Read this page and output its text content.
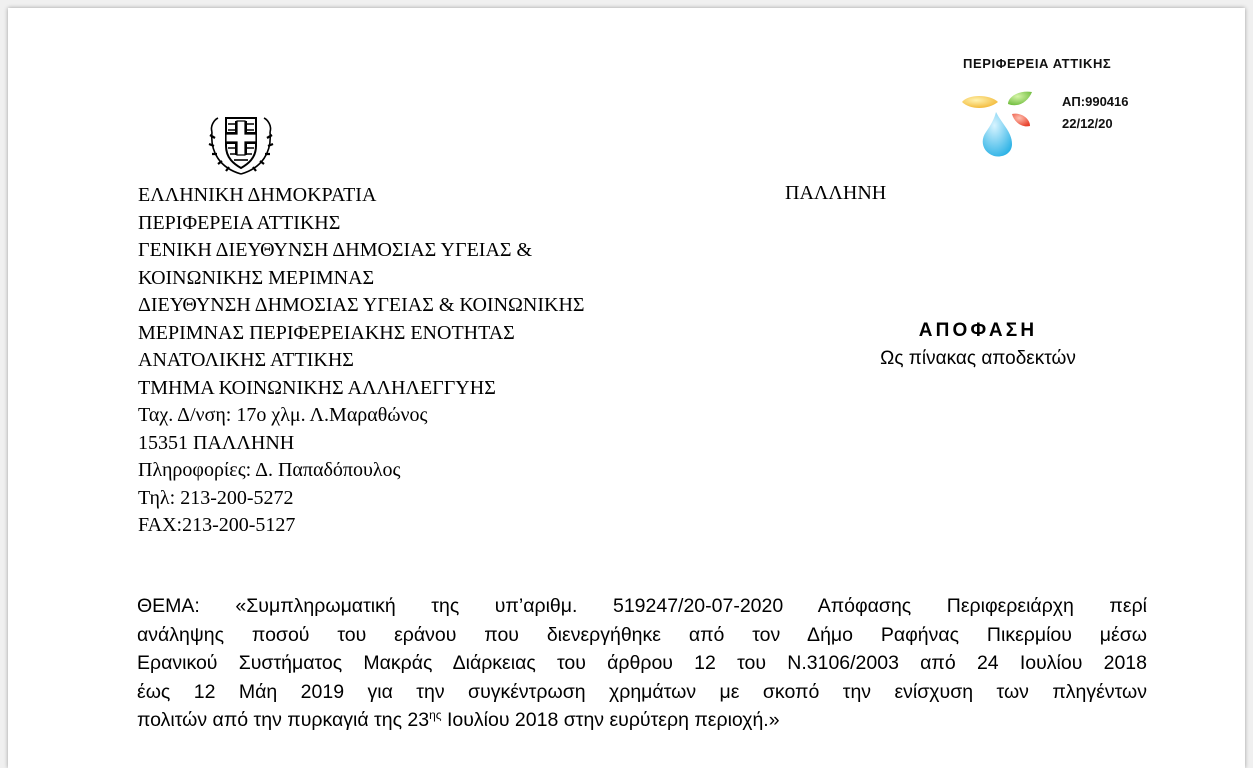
ΠΕΡΙΦΕΡΕΙΑ ΑΤΤΙΚΗΣ
ΑΠ:990416
22/12/20
ΕΛΛΗΝΙΚΗ ΔΗΜΟΚΡΑΤΙΑ
ΠΕΡΙΦΕΡΕΙΑ ΑΤΤΙΚΗΣ
ΓΕΝΙΚΗ ΔΙΕΥΘΥΝΣΗ ΔΗΜΟΣΙΑΣ ΥΓΕΙΑΣ &
ΚΟΙΝΩΝΙΚΗΣ ΜΕΡΙΜΝΑΣ
ΔΙΕΥΘΥΝΣΗ ΔΗΜΟΣΙΑΣ ΥΓΕΙΑΣ & ΚΟΙΝΩΝΙΚΗΣ
ΜΕΡΙΜΝΑΣ ΠΕΡΙΦΕΡΕΙΑΚΗΣ ΕΝΟΤΗΤΑΣ
ΑΝΑΤΟΛΙΚΗΣ ΑΤΤΙΚΗΣ
ΤΜΗΜΑ ΚΟΙΝΩΝΙΚΗΣ ΑΛΛΗΛΕΓΓΥΗΣ
Ταχ. Δ/νση: 17ο χλμ. Λ.Μαραθώνος
15351 ΠΑΛΛΗΝΗ
Πληροφορίες: Δ. Παπαδόπουλος
Τηλ: 213-200-5272
FAX:213-200-5127
ΠΑΛΛΗΝΗ
ΑΠΟΦΑΣΗ
Ως πίνακας αποδεκτών
ΘΕΜΑ: «Συμπληρωματική της υπ’αριθμ. 519247/20-07-2020 Απόφασης Περιφερειάρχη περί
ανάληψης ποσού του εράνου που διενεργήθηκε από τον Δήμο Ραφήνας Πικερμίου μέσω
Ερανικού Συστήματος Μακράς Διάρκειας του άρθρου 12 του Ν.3106/2003 από 24 Ιουλίου 2018
έως 12 Μάη 2019 για την συγκέντρωση χρημάτων με σκοπό την ενίσχυση των πληγέντων
πολιτών από την πυρκαγιά της $23^{\eta\varsigma}$ Ιουλίου 2018 στην ευρύτερη περιοχή.»
